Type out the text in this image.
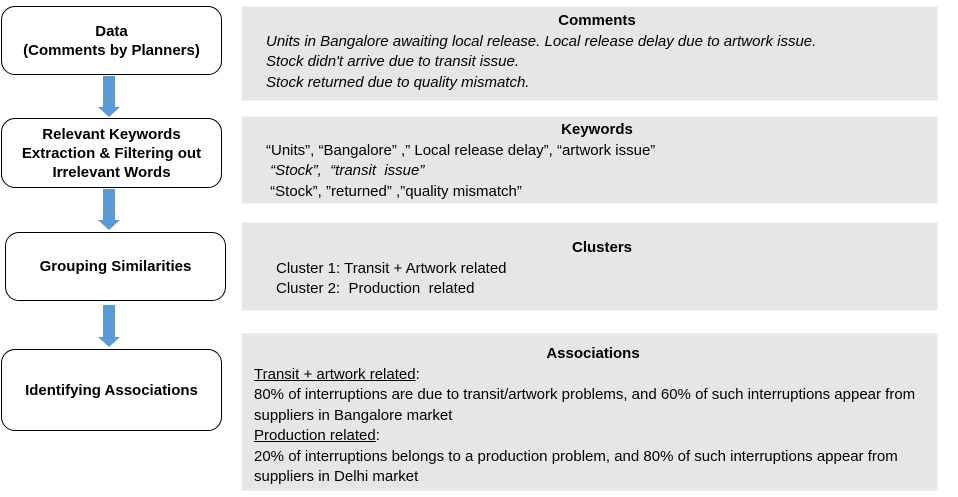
Data
(Comments by Planners)
Relevant Keywords
Extraction & Filtering out
Irrelevant Words
Grouping Similarities
Identifying Associations
Comments
Units in Bangalore awaiting local release. Local release delay due to artwork issue.
Stock didn't arrive due to transit issue.
Stock returned due to quality mismatch.
Keywords
“Units”, “Bangalore” ,” Local release delay”, “artwork issue”
“Stock”,  “transit  issue”
“Stock”, ”returned” ,”quality mismatch”
Clusters
Cluster 1: Transit + Artwork related
Cluster 2:  Production  related
Associations
Transit + artwork related:
80% of interruptions are due to transit/artwork problems, and 60% of such interruptions appear from suppliers in Bangalore market
Production related:
20% of interruptions belongs to a production problem, and 80% of such interruptions appear from suppliers in Delhi market
